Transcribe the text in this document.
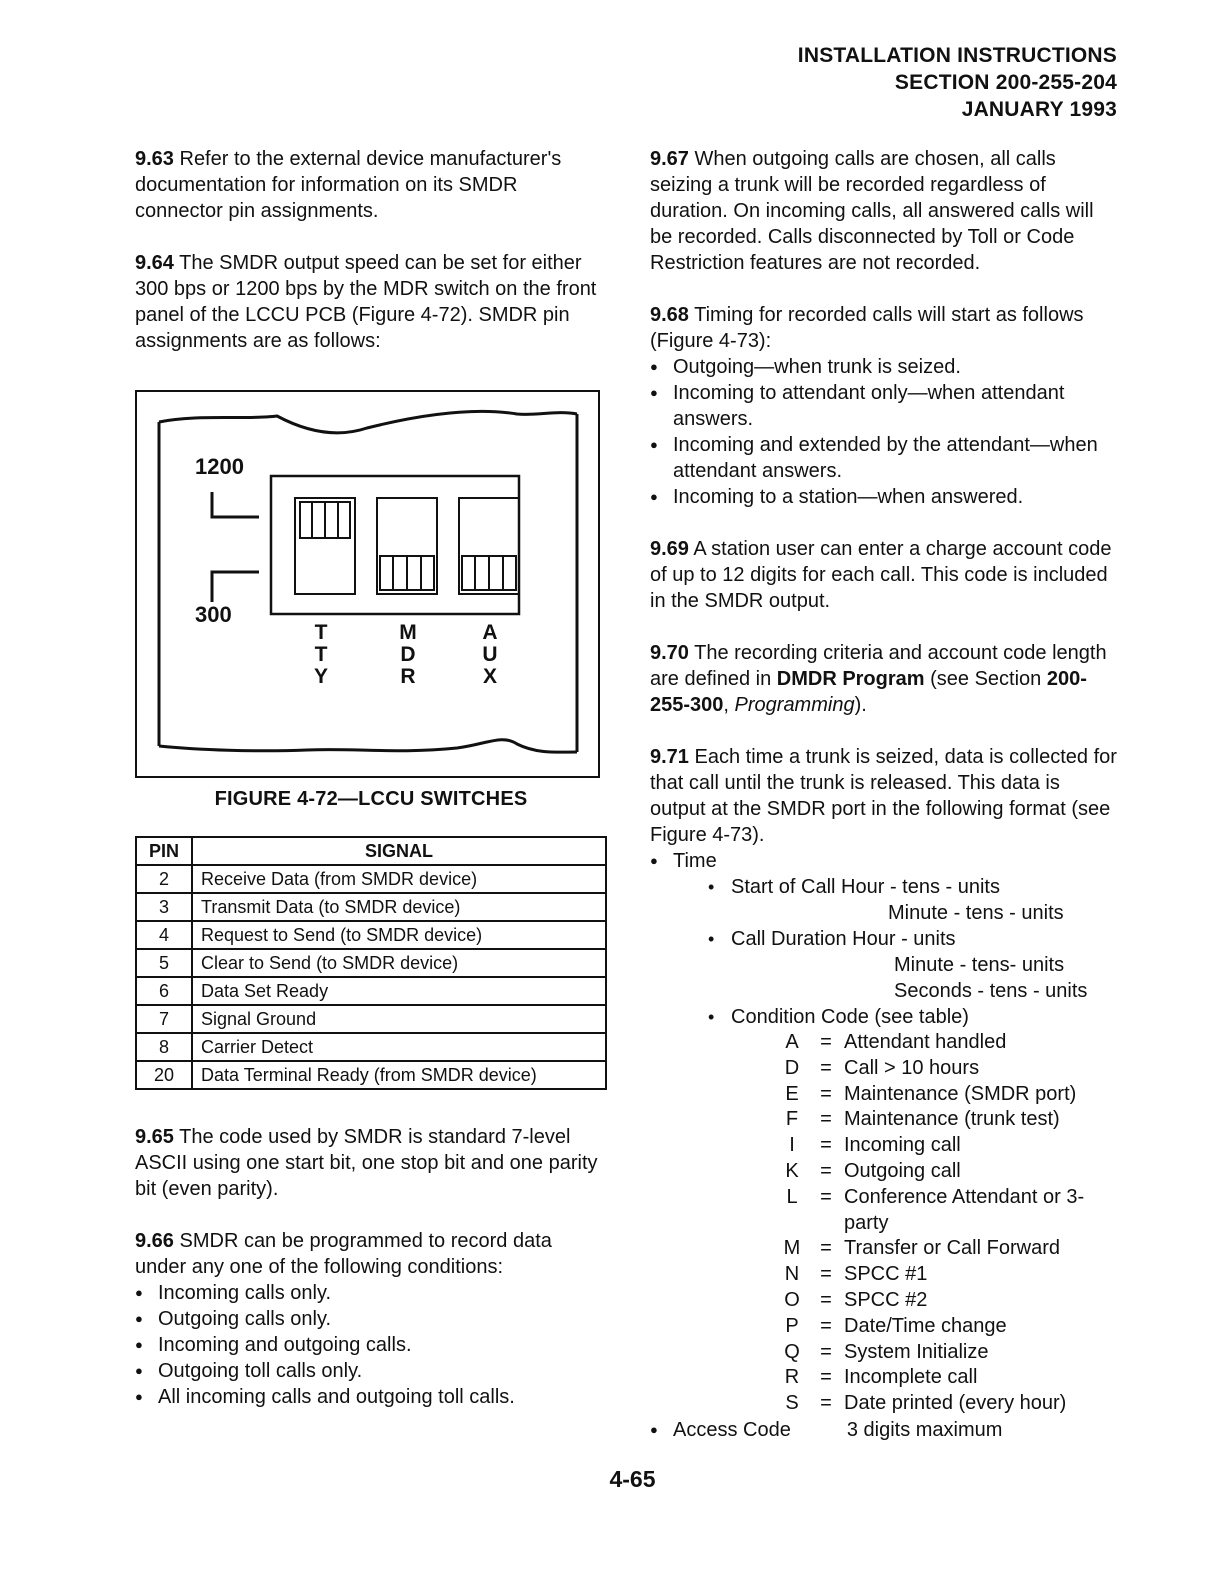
INSTALLATION INSTRUCTIONS
SECTION 200-255-204
JANUARY 1993

9.63 Refer to the external device manufacturer's documentation for information on its SMDR connector pin assignments.

9.64 The SMDR output speed can be set for either 300 bps or 1200 bps by the MDR switch on the front panel of the LCCU PCB (Figure 4-72). SMDR pin assignments are as follows:

1200
300
T
T
Y
M
D
R
A
U
X
FIGURE 4-72—LCCU SWITCHES
PIN	SIGNAL
2	Receive Data (from SMDR device)
3	Transmit Data (to SMDR device)
4	Request to Send (to SMDR device)
5	Clear to Send (to SMDR device)
6	Data Set Ready
7	Signal Ground
8	Carrier Detect
20	Data Terminal Ready (from SMDR device)

9.65 The code used by SMDR is standard 7-level ASCII using one start bit, one stop bit and one parity bit (even parity).

9.66 SMDR can be programmed to record data under any one of the following conditions:

● Incoming calls only.
● Outgoing calls only.
● Incoming and outgoing calls.
● Outgoing toll calls only.
● All incoming calls and outgoing toll calls.

9.67 When outgoing calls are chosen, all calls seizing a trunk will be recorded regardless of duration. On incoming calls, all answered calls will be recorded. Calls disconnected by Toll or Code Restriction features are not recorded.

9.68 Timing for recorded calls will start as follows (Figure 4-73):

● Outgoing—when trunk is seized.
● Incoming to attendant only—when attendant answers.
● Incoming and extended by the attendant—when attendant answers.
● Incoming to a station—when answered.

9.69 A station user can enter a charge account code of up to 12 digits for each call. This code is included in the SMDR output.

9.70 The recording criteria and account code length are defined in DMDR Program (see Section 200-255-300, Programming).

9.71 Each time a trunk is seized, data is collected for that call until the trunk is released. This data is output at the SMDR port in the following format (see Figure 4-73).

● Time
• Start of Call Hour - tens - units
Minute - tens - units
• Call Duration Hour - units
Minute - tens- units
Seconds - tens - units
• Condition Code (see table)
A	=	Attendant handled
D	=	Call > 10 hours
E	=	Maintenance (SMDR port)
F	=	Maintenance (trunk test)
I	=	Incoming call
K	=	Outgoing call
L	=	Conference Attendant or 3-party
M	=	Transfer or Call Forward
N	=	SPCC #1
O	=	SPCC #2
P	=	Date/Time change
Q	=	System Initialize
R	=	Incomplete call
S	=	Date printed (every hour)
● Access Code	3 digits maximum
4-65
